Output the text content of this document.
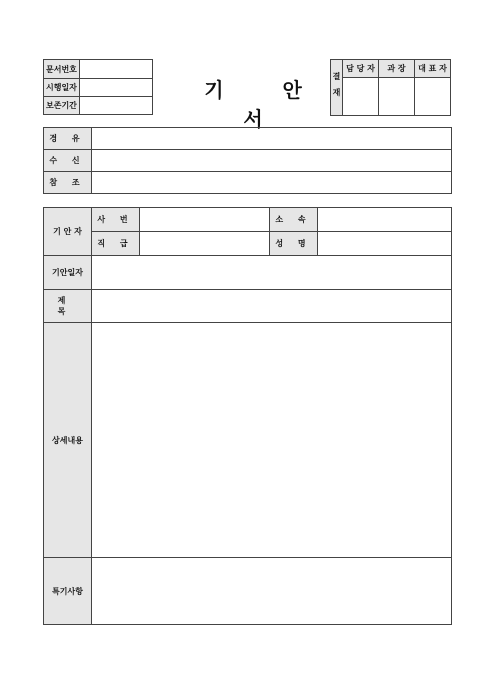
문서번호	
시행일자	
보존기간	
기 안 서
결재	담 당 자	과 장	대 표 자

경 유	
수 신	
참 조	
기 안 자	사 번		소 속	
	직 급		성 명	
기안일자				
제 목				
상세내용				
특기사항				
